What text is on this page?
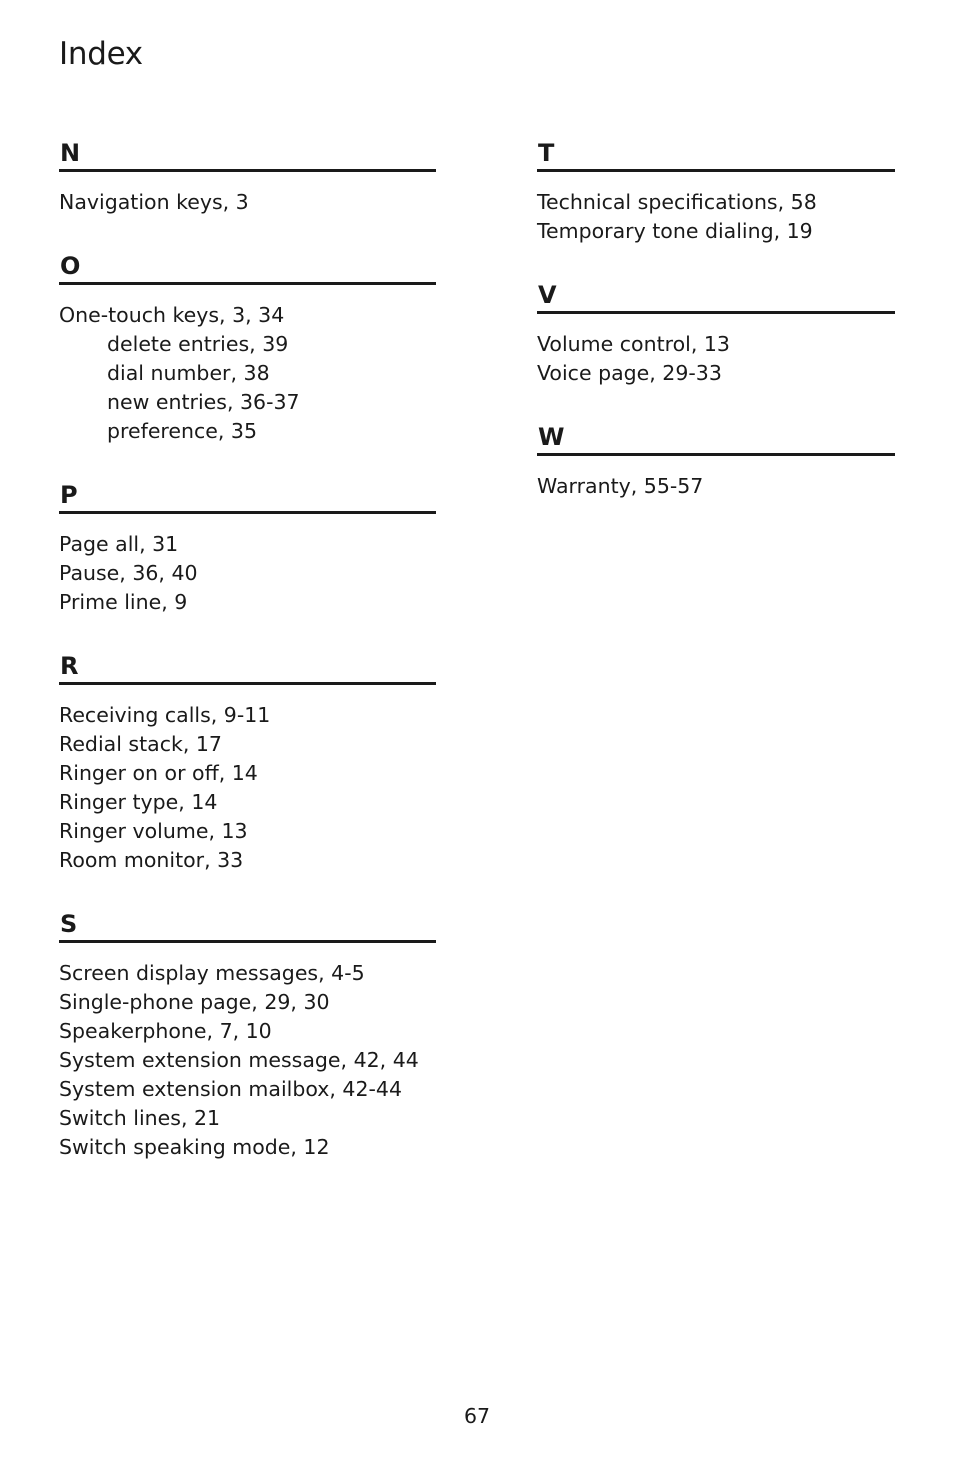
Index
N
Navigation keys, 3
O
One-touch keys, 3, 34
delete entries, 39
dial number, 38
new entries, 36-37
preference, 35
P
Page all, 31
Pause, 36, 40
Prime line, 9
R
Receiving calls, 9-11
Redial stack, 17
Ringer on or off, 14
Ringer type, 14
Ringer volume, 13
Room monitor, 33
S
Screen display messages, 4-5
Single-phone page, 29, 30
Speakerphone, 7, 10
System extension message, 42, 44
System extension mailbox, 42-44
Switch lines, 21
Switch speaking mode, 12
T
Technical specifications, 58
Temporary tone dialing, 19
V
Volume control, 13
Voice page, 29-33
W
Warranty, 55-57
67
